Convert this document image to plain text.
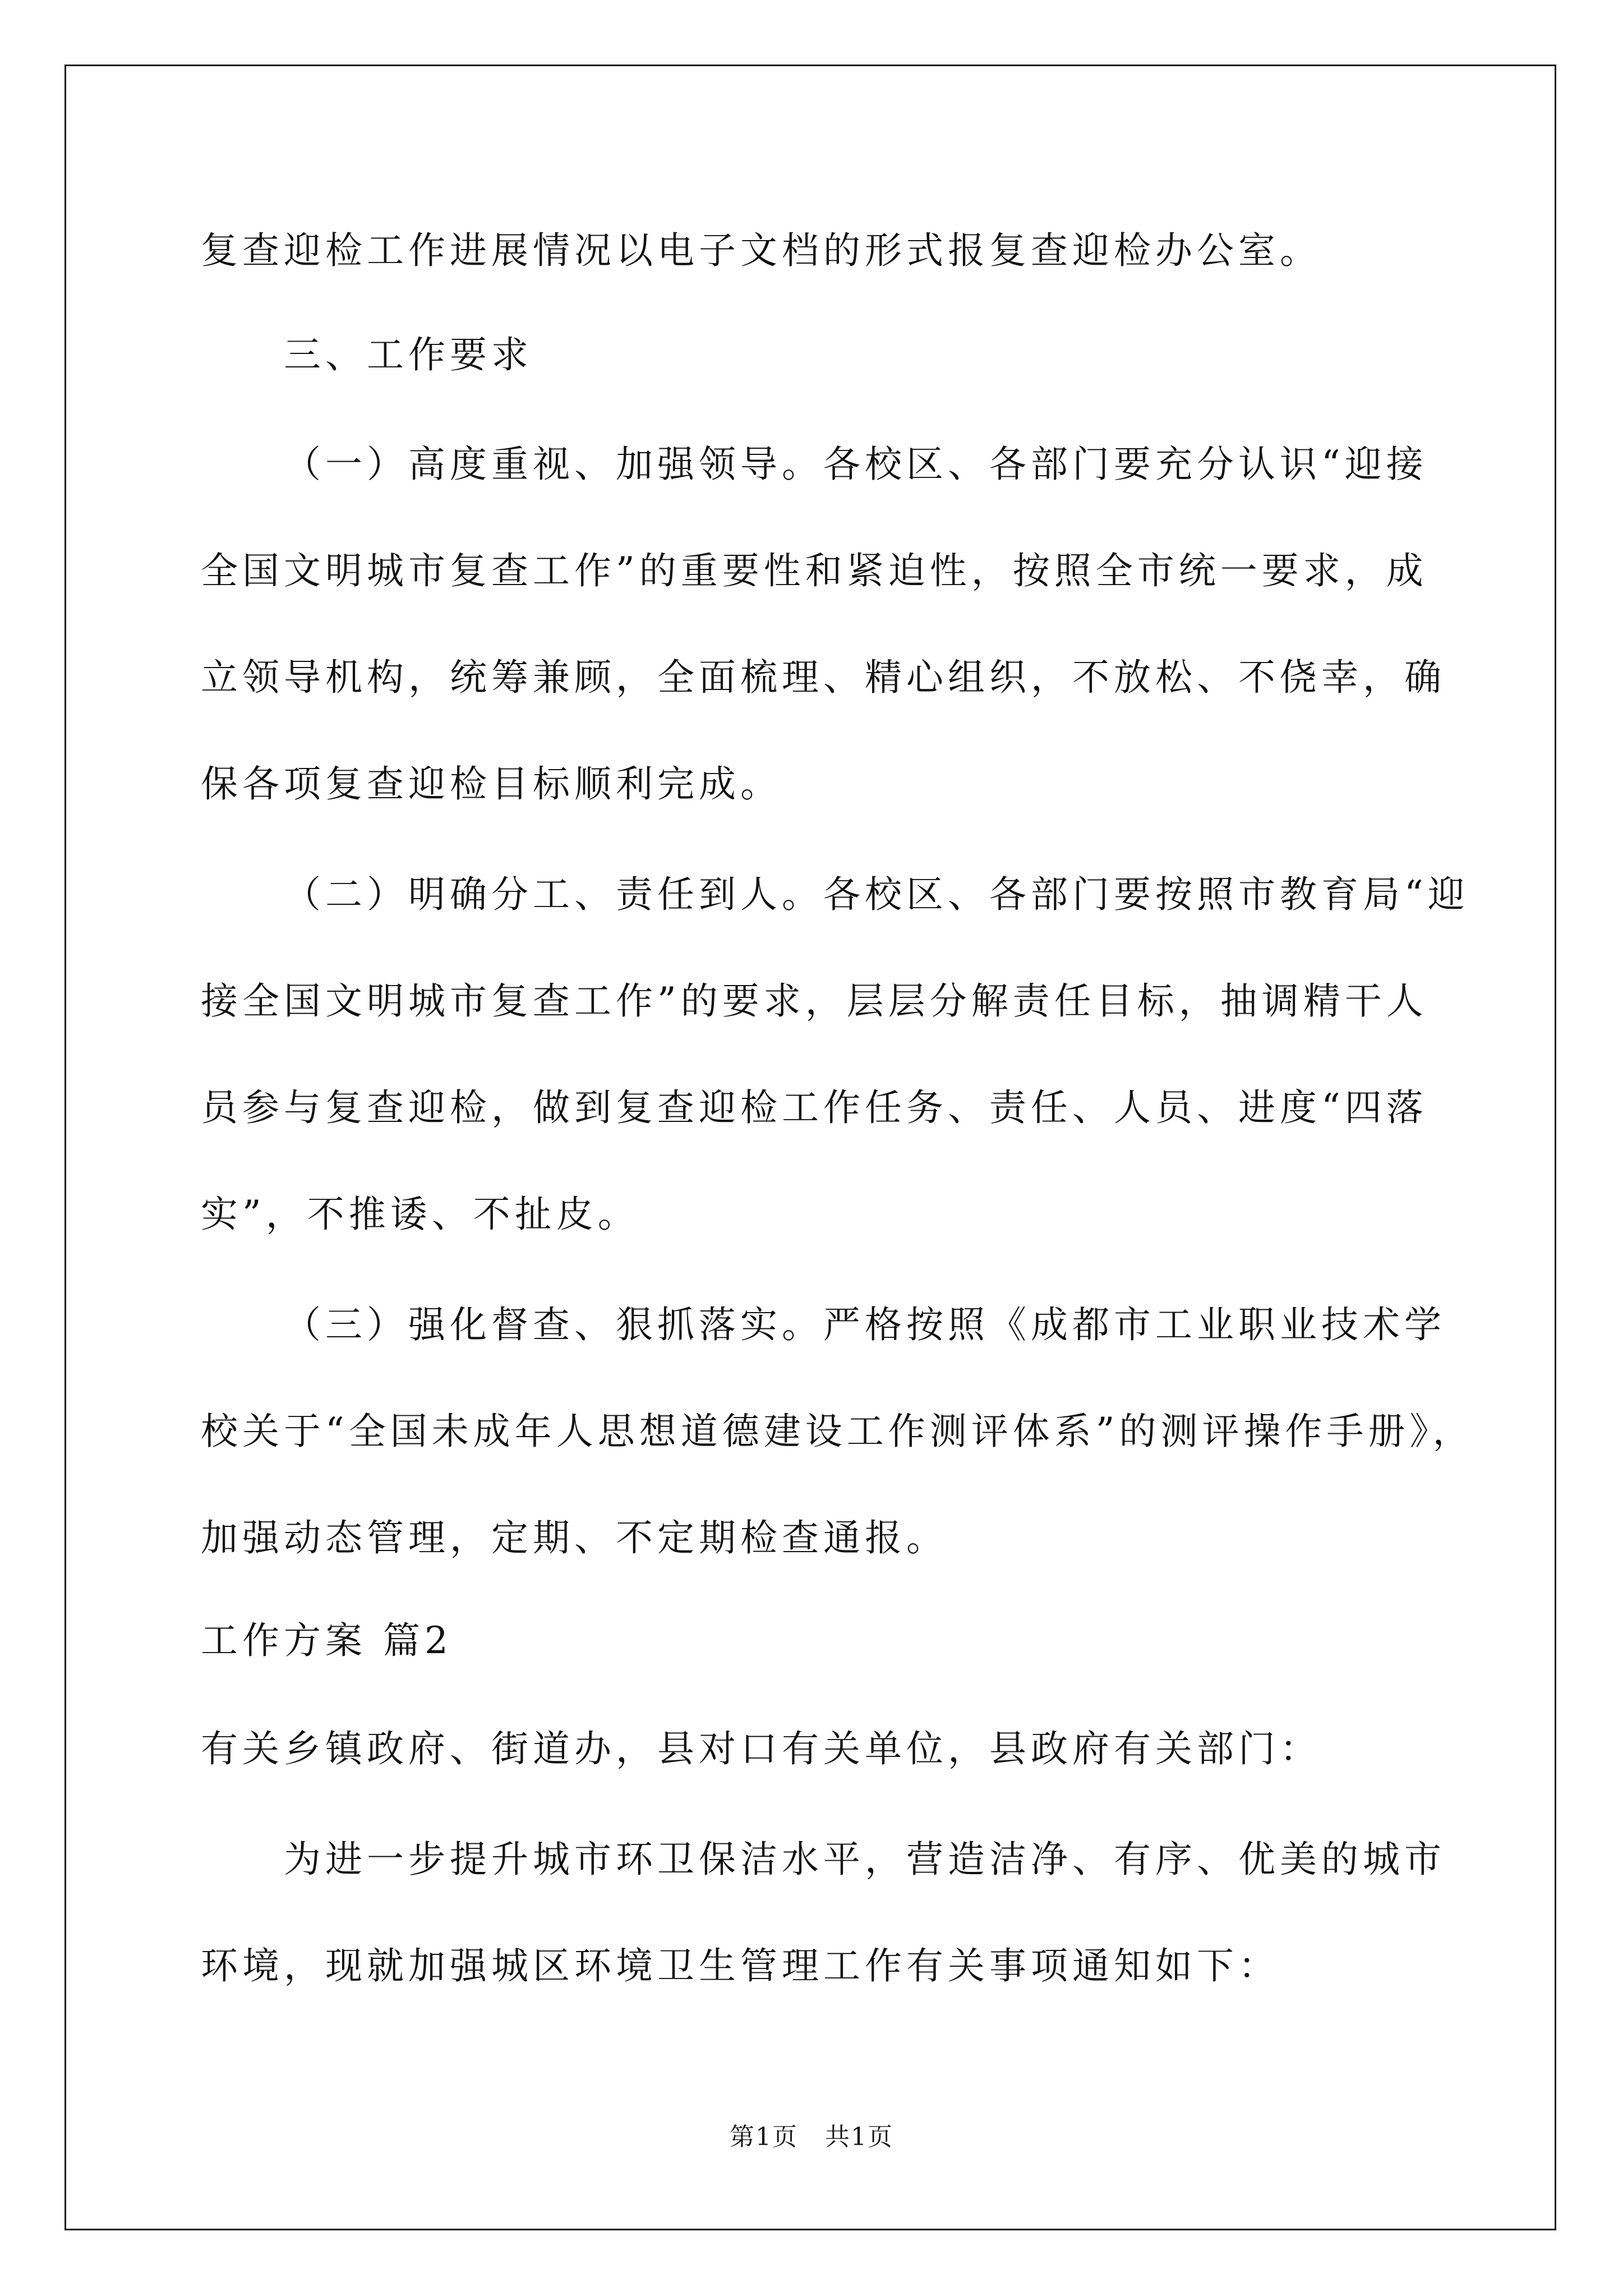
复查迎检工作进展情况以电子文档的形式报复查迎检办公室。
三、工作要求
（一）高度重视、加强领导。各校区、各部门要充分认识“迎接
全国文明城市复查工作”的重要性和紧迫性，按照全市统一要求，成
立领导机构，统筹兼顾，全面梳理、精心组织，不放松、不侥幸，确
保各项复查迎检目标顺利完成。
（二）明确分工、责任到人。各校区、各部门要按照市教育局“迎
接全国文明城市复查工作”的要求，层层分解责任目标，抽调精干人
员参与复查迎检，做到复查迎检工作任务、责任、人员、进度“四落
实”，不推诿、不扯皮。
（三）强化督查、狠抓落实。严格按照《成都市工业职业技术学
校关于“全国未成年人思想道德建设工作测评体系”的测评操作手册》，
加强动态管理，定期、不定期检查通报。
工作方案 篇2
有关乡镇政府、街道办，县对口有关单位，县政府有关部门：
为进一步提升城市环卫保洁水平，营造洁净、有序、优美的城市
环境，现就加强城区环境卫生管理工作有关事项通知如下：
第1页   共1页
